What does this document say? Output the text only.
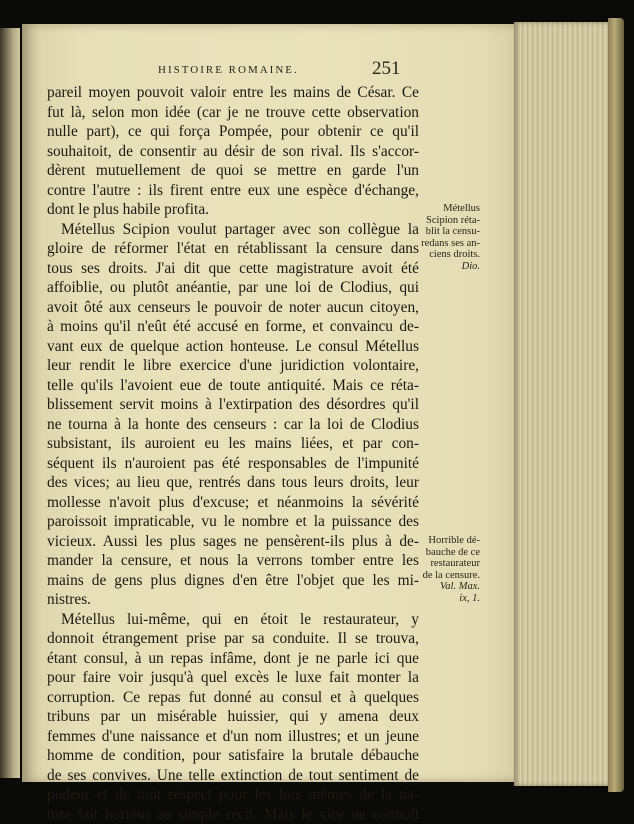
HISTOIRE ROMAINE.	251
pareil moyen pouvoit valoir entre les mains de César. Ce
fut là, selon mon idée (car je ne trouve cette observation
nulle part), ce qui força Pompée, pour obtenir ce qu'il
souhaitoit, de consentir au désir de son rival. Ils s'accor-
dèrent mutuellement de quoi se mettre en garde l'un
contre l'autre : ils firent entre eux une espèce d'échange,
dont le plus habile profita.
Métellus Scipion voulut partager avec son collègue la
gloire de réformer l'état en rétablissant la censure dans
tous ses droits. J'ai dit que cette magistrature avoit été
affoiblie, ou plutôt anéantie, par une loi de Clodius, qui
avoit ôté aux censeurs le pouvoir de noter aucun citoyen,
à moins qu'il n'eût été accusé en forme, et convaincu de-
vant eux de quelque action honteuse. Le consul Métellus
leur rendit le libre exercice d'une juridiction volontaire,
telle qu'ils l'avoient eue de toute antiquité. Mais ce réta-
blissement servit moins à l'extirpation des désordres qu'il
ne tourna à la honte des censeurs : car la loi de Clodius
subsistant, ils auroient eu les mains liées, et par con-
séquent ils n'auroient pas été responsables de l'impunité
des vices; au lieu que, rentrés dans tous leurs droits, leur
mollesse n'avoit plus d'excuse; et néanmoins la sévérité
paroissoit impraticable, vu le nombre et la puissance des
vicieux. Aussi les plus sages ne pensèrent-ils plus à de-
mander la censure, et nous la verrons tomber entre les
mains de gens plus dignes d'en être l'objet que les mi-
nistres.
Métellus lui-même, qui en étoit le restaurateur, y
donnoit étrangement prise par sa conduite. Il se trouva,
étant consul, à un repas infâme, dont je ne parle ici que
pour faire voir jusqu'à quel excès le luxe fait monter la
corruption. Ce repas fut donné au consul et à quelques
tribuns par un misérable huissier, qui y amena deux
femmes d'une naissance et d'un nom illustres; et un jeune
homme de condition, pour satisfaire la brutale débauche
de ses convives. Une telle extinction de tout sentiment de
pudeur et de tout respect pour les lois mêmes de la na-
ture fait horreur au simple récit. Mais le vice ne connoît
Métellus
Scipion réta-
blit la censu-
redans ses an-
ciens droits.
Dio.
Horrible dé-
bauche de ce
restaurateur
de la censure.
Val. Max.
ix, 1.
